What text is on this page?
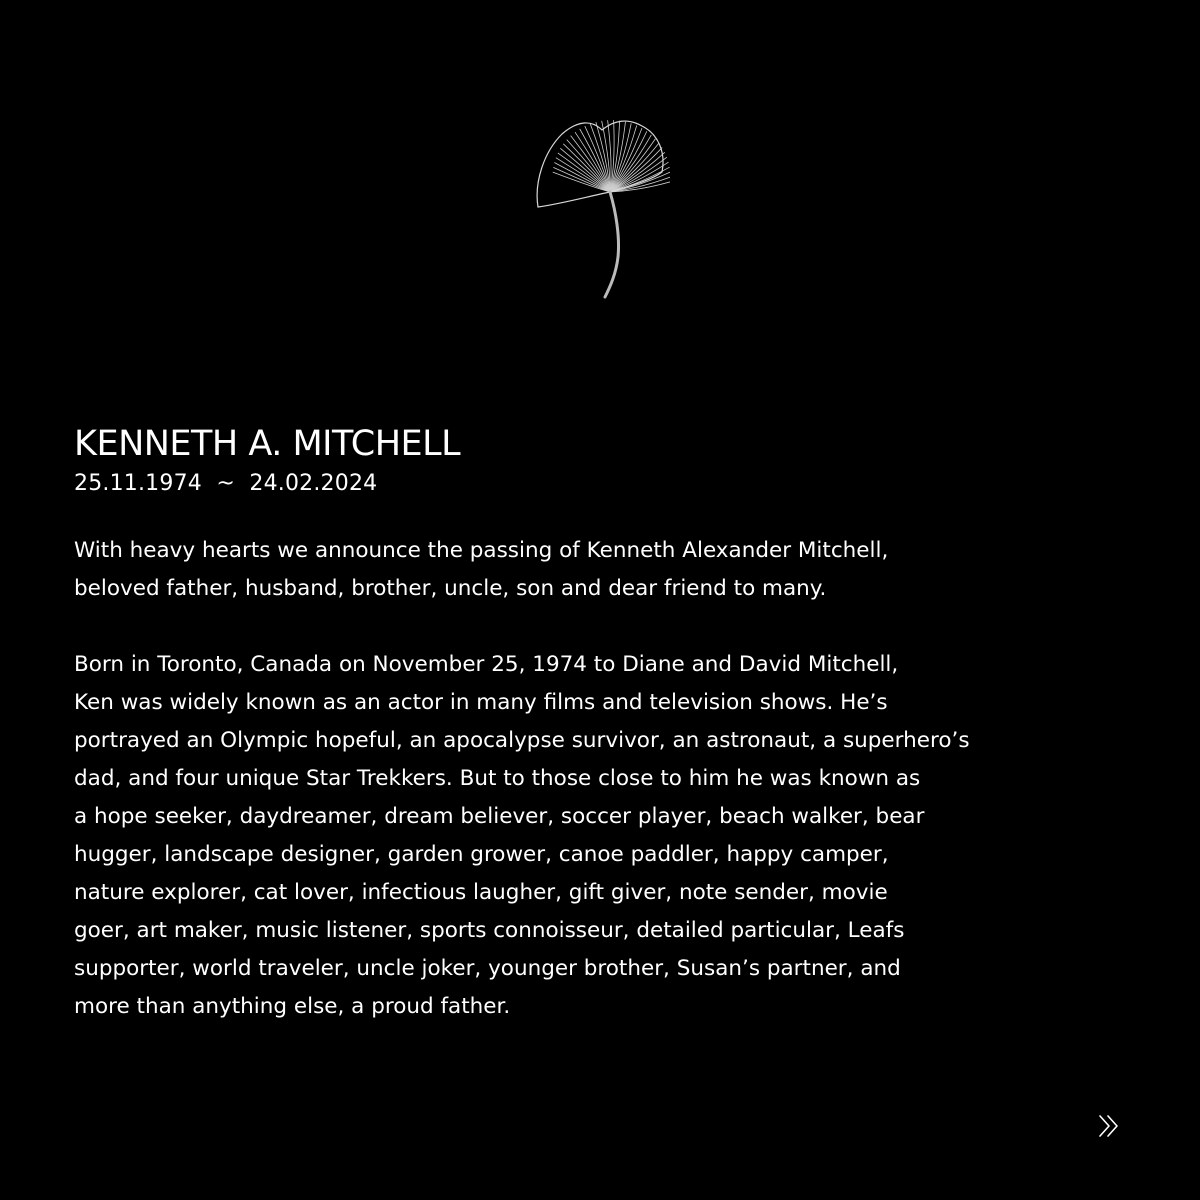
KENNETH A. MITCHELL
25.11.1974  ~  24.02.2024

With heavy hearts we announce the passing of Kenneth Alexander Mitchell,
beloved father, husband, brother, uncle, son and dear friend to many.

Born in Toronto, Canada on November 25, 1974 to Diane and David Mitchell,
Ken was widely known as an actor in many films and television shows. He’s
portrayed an Olympic hopeful, an apocalypse survivor, an astronaut, a superhero’s
dad, and four unique Star Trekkers. But to those close to him he was known as
a hope seeker, daydreamer, dream believer, soccer player, beach walker, bear
hugger, landscape designer, garden grower, canoe paddler, happy camper,
nature explorer, cat lover, infectious laugher, gift giver, note sender, movie
goer, art maker, music listener, sports connoisseur, detailed particular, Leafs
supporter, world traveler, uncle joker, younger brother, Susan’s partner, and
more than anything else, a proud father.
